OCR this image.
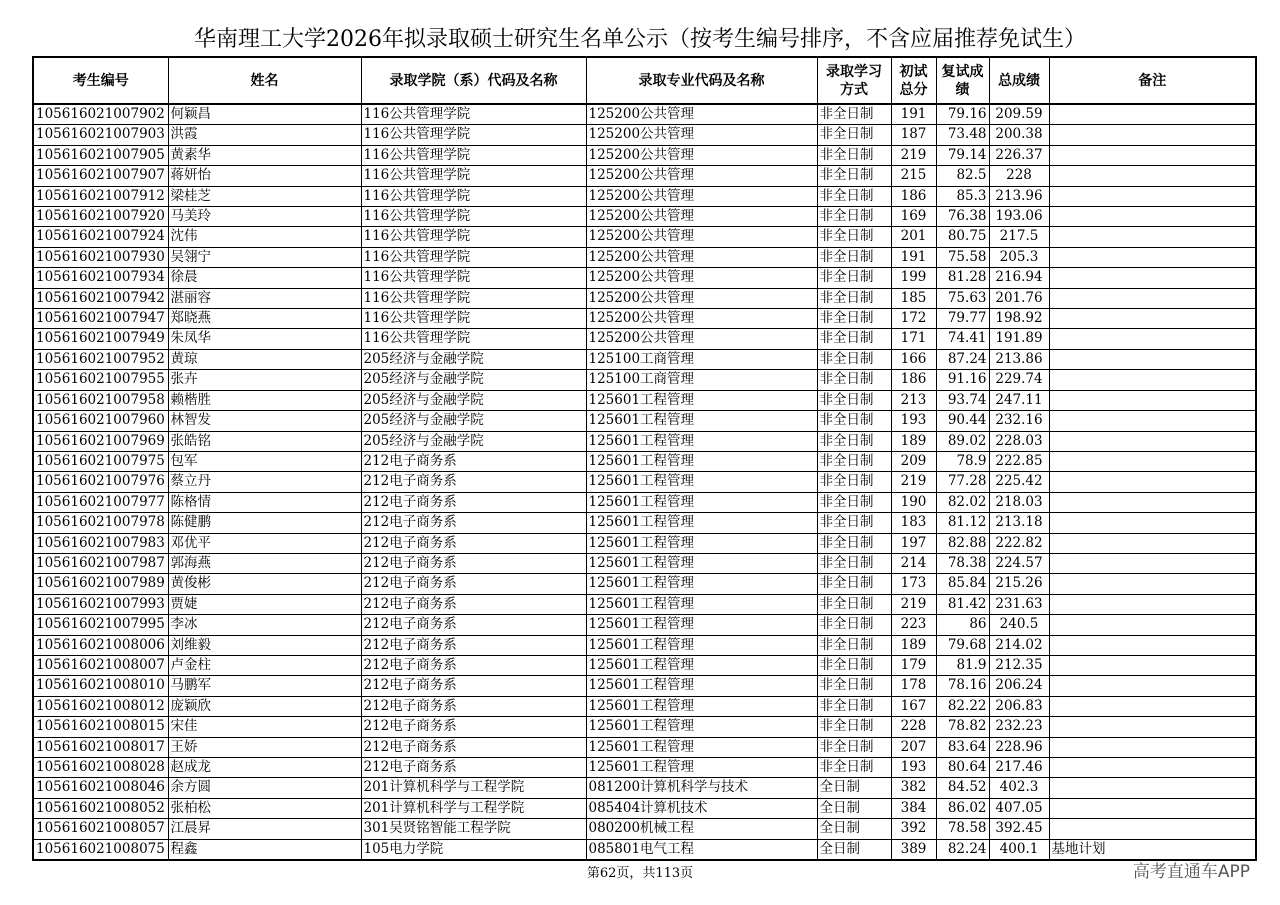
华南理工大学2026年拟录取硕士研究生名单公示（按考生编号排序，不含应届推荐免试生）
考生编号	姓名	录取学院（系）代码及名称	录取专业代码及名称	录取学习方式	初试总分	复试成绩	总成绩	备注
105616021007902	何颖昌	116公共管理学院	125200公共管理	非全日制	191	79.16	209.59	
105616021007903	洪霞	116公共管理学院	125200公共管理	非全日制	187	73.48	200.38	
105616021007905	黄素华	116公共管理学院	125200公共管理	非全日制	219	79.14	226.37	
105616021007907	蒋妍怡	116公共管理学院	125200公共管理	非全日制	215	82.5	228	
105616021007912	梁桂芝	116公共管理学院	125200公共管理	非全日制	186	85.3	213.96	
105616021007920	马美玲	116公共管理学院	125200公共管理	非全日制	169	76.38	193.06	
105616021007924	沈伟	116公共管理学院	125200公共管理	非全日制	201	80.75	217.5	
105616021007930	吴翎宁	116公共管理学院	125200公共管理	非全日制	191	75.58	205.3	
105616021007934	徐晨	116公共管理学院	125200公共管理	非全日制	199	81.28	216.94	
105616021007942	湛丽容	116公共管理学院	125200公共管理	非全日制	185	75.63	201.76	
105616021007947	郑晓燕	116公共管理学院	125200公共管理	非全日制	172	79.77	198.92	
105616021007949	朱凤华	116公共管理学院	125200公共管理	非全日制	171	74.41	191.89	
105616021007952	黄琼	205经济与金融学院	125100工商管理	非全日制	166	87.24	213.86	
105616021007955	张卉	205经济与金融学院	125100工商管理	非全日制	186	91.16	229.74	
105616021007958	赖楷胜	205经济与金融学院	125601工程管理	非全日制	213	93.74	247.11	
105616021007960	林智发	205经济与金融学院	125601工程管理	非全日制	193	90.44	232.16	
105616021007969	张皓铭	205经济与金融学院	125601工程管理	非全日制	189	89.02	228.03	
105616021007975	包军	212电子商务系	125601工程管理	非全日制	209	78.9	222.85	
105616021007976	蔡立丹	212电子商务系	125601工程管理	非全日制	219	77.28	225.42	
105616021007977	陈格情	212电子商务系	125601工程管理	非全日制	190	82.02	218.03	
105616021007978	陈健鹏	212电子商务系	125601工程管理	非全日制	183	81.12	213.18	
105616021007983	邓优平	212电子商务系	125601工程管理	非全日制	197	82.88	222.82	
105616021007987	郭海燕	212电子商务系	125601工程管理	非全日制	214	78.38	224.57	
105616021007989	黄俊彬	212电子商务系	125601工程管理	非全日制	173	85.84	215.26	
105616021007993	贾婕	212电子商务系	125601工程管理	非全日制	219	81.42	231.63	
105616021007995	李冰	212电子商务系	125601工程管理	非全日制	223	86	240.5	
105616021008006	刘维毅	212电子商务系	125601工程管理	非全日制	189	79.68	214.02	
105616021008007	卢金柱	212电子商务系	125601工程管理	非全日制	179	81.9	212.35	
105616021008010	马鹏军	212电子商务系	125601工程管理	非全日制	178	78.16	206.24	
105616021008012	庞颖欣	212电子商务系	125601工程管理	非全日制	167	82.22	206.83	
105616021008015	宋佳	212电子商务系	125601工程管理	非全日制	228	78.82	232.23	
105616021008017	王娇	212电子商务系	125601工程管理	非全日制	207	83.64	228.96	
105616021008028	赵成龙	212电子商务系	125601工程管理	非全日制	193	80.64	217.46	
105616021008046	余方圆	201计算机科学与工程学院	081200计算机科学与技术	全日制	382	84.52	402.3	
105616021008052	张柏松	201计算机科学与工程学院	085404计算机技术	全日制	384	86.02	407.05	
105616021008057	江晨昇	301吴贤铭智能工程学院	080200机械工程	全日制	392	78.58	392.45	
105616021008075	程鑫	105电力学院	085801电气工程	全日制	389	82.24	400.1	基地计划
第62页，共113页	高考直通车APP
